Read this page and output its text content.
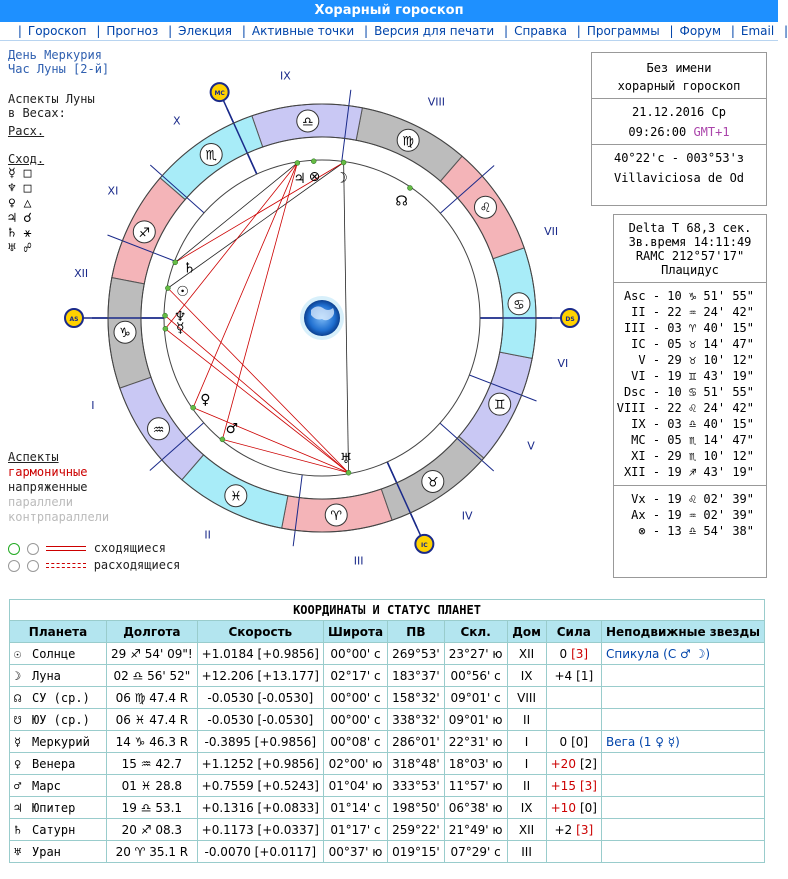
Хорарный гороскоп
| Гороскоп | Прогноз | Элекция | Активные точки | Версия для печати | Справка | Программы | Форум | Email |
День Меркурия
Час Луны [2-й]
Аспекты Луны
в Весах:
Расх.
Сход.
☿ □
♆ □
♀ △
♃ ☌
♄ ⚹
♅ ☍
Аспекты
гармоничные
напряженные
параллели
контрпараллели
сходящиеся
расходящиеся
♈
♉
♊
♋
♌
♍
♎
♏
♐
♑
♒
♓
I
II
III
IV
V
VI
VII
VIII
IX
X
XI
XII
MC
DS
IC
AS
☉
☽
☊
☿
♀
♂
♃
♄
♅
♆
⊗
Без имени
хорарный гороскоп
21.12.2016 Ср
09:26:00 GMT+1
40°22'с - 003°53'з
Villaviciosa de Od
Delta T 68,3 сек.
Зв.время 14:11:49
RAMC 212°57'17"
Плацидус
Asc - 10 ♑ 51' 55"
II - 22 ♒ 24' 42"
III - 03 ♈ 40' 15"
IC - 05 ♉ 14' 47"
V - 29 ♉ 10' 12"
VI - 19 ♊ 43' 19"
Dsc - 10 ♋ 51' 55"
VIII - 22 ♌ 24' 42"
IX - 03 ♎ 40' 15"
MC - 05 ♏ 14' 47"
XI - 29 ♏ 10' 12"
XII - 19 ♐ 43' 19"
Vx - 19 ♌ 02' 39"
Ax - 19 ♒ 02' 39"
⊗ - 13 ♎ 54' 38"
КООРДИНАТЫ И СТАТУС ПЛАНЕТ								
Планета	Долгота	Скорость	Широта	ПВ	Скл.	Дом	Сила	Неподвижные звезды
☉ Солнце	29 ♐ 54' 09"!	+1.0184 [+0.9856]	00°00' с	269°53'	23°27' ю	XII	0 [3]	Спикула (С ♂ ☽)
☽ Луна	02 ♎ 56' 52"	+12.206 [+13.177]	02°17' с	183°37'	00°56' с	IX	+4 [1]	
☊ СУ (ср.)	06 ♍ 47.4 R	-0.0530 [-0.0530]	00°00' с	158°32'	09°01' с	VIII		
☋ ЮУ (ср.)	06 ♓ 47.4 R	-0.0530 [-0.0530]	00°00' с	338°32'	09°01' ю	II		
☿ Меркурий	14 ♑ 46.3 R	-0.3895 [+0.9856]	00°08' с	286°01'	22°31' ю	I	0 [0]	Вега (1 ♀ ☿)
♀ Венера	15 ♒ 42.7	+1.1252 [+0.9856]	02°00' ю	318°48'	18°03' ю	I	+20 [2]	
♂ Марс	01 ♓ 28.8	+0.7559 [+0.5243]	01°04' ю	333°53'	11°57' ю	II	+15 [3]	
♃ Юпитер	19 ♎ 53.1	+0.1316 [+0.0833]	01°14' с	198°50'	06°38' ю	IX	+10 [0]	
♄ Сатурн	20 ♐ 08.3	+0.1173 [+0.0337]	01°17' с	259°22'	21°49' ю	XII	+2 [3]	
♅ Уран	20 ♈ 35.1 R	-0.0070 [+0.0117]	00°37' ю	019°15'	07°29' с	III		
